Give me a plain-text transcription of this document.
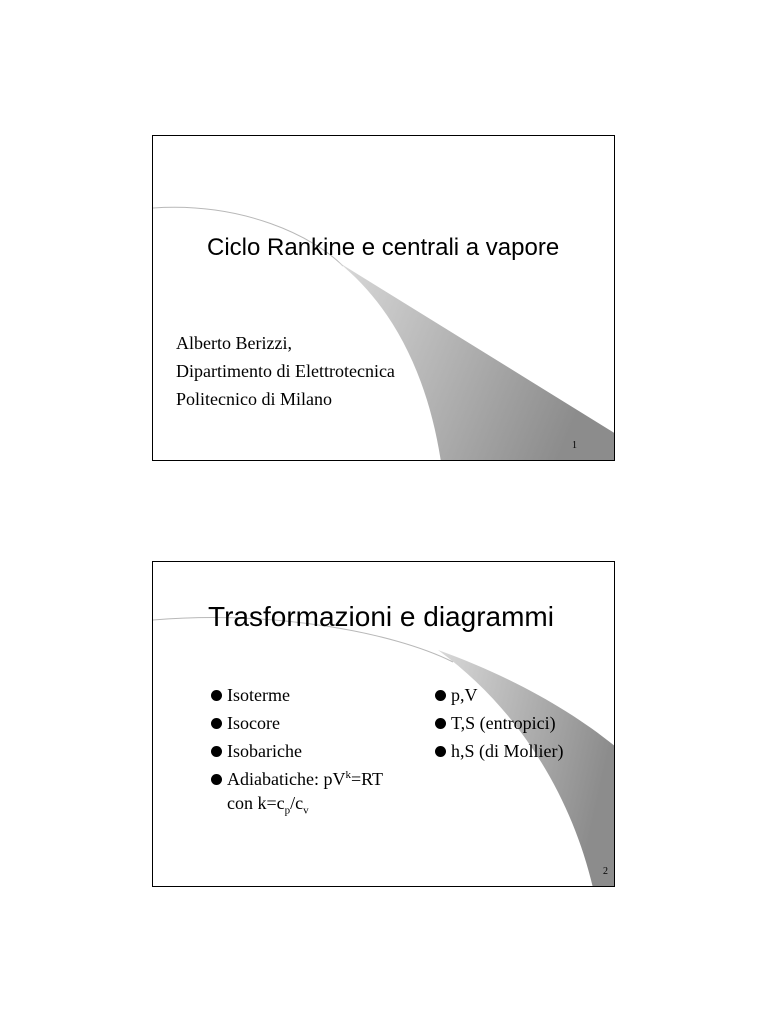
Ciclo Rankine e centrali a vapore
Alberto Berizzi,
Dipartimento di Elettrotecnica
Politecnico di Milano
1
Trasformazioni e diagrammi
Isoterme
Isocore
Isobariche
Adiabatiche: $pV^k=RT$
con $k=c_p/c_v$
p,V
T,S (entropici)
h,S (di Mollier)
2
